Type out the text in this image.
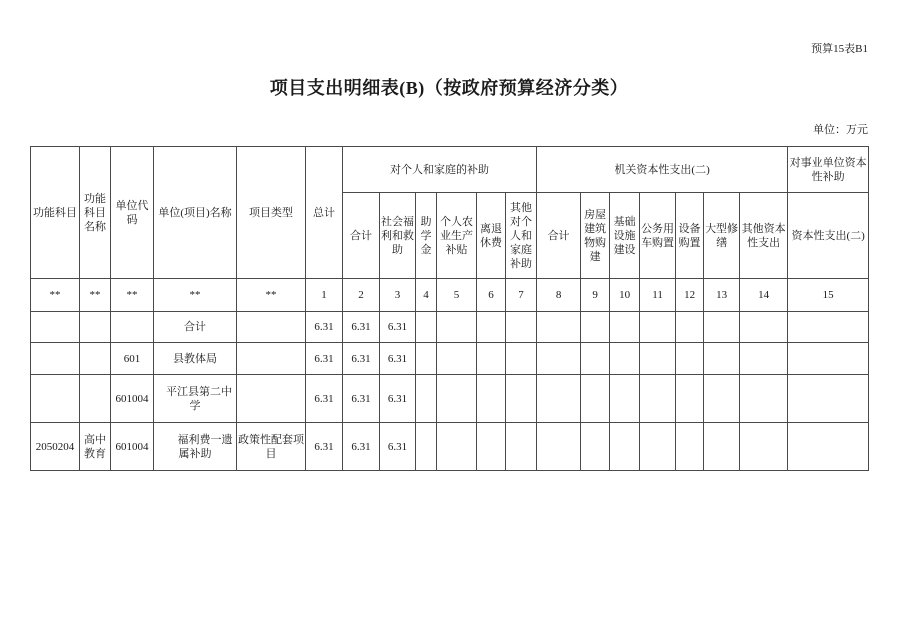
预算15表B1
项目支出明细表(B)（按政府预算经济分类）
单位：万元
功能科目	功能科目名称	单位代码	单位(项目)名称	项目类型	总计	对个人和家庭的补助						机关资本性支出(二)							对事业单位资本性补助
						合计	社会福利和救助	助学金	个人农业生产补贴	离退休费	其他对个人和家庭补助	合计	房屋建筑物购建	基础设施建设	公务用车购置	设备购置	大型修缮	其他资本性支出	资本性支出(二)
**	**	**	**	**	1	2	3	4	5	6	7	8	9	10	11	12	13	14	15
			合计		6.31	6.31	6.31												
		601	县教体局		6.31	6.31	6.31												
		601004	平江县第二中学		6.31	6.31	6.31												
2050204	高中教育	601004	福利费一遗属补助	政策性配套项目	6.31	6.31	6.31												
